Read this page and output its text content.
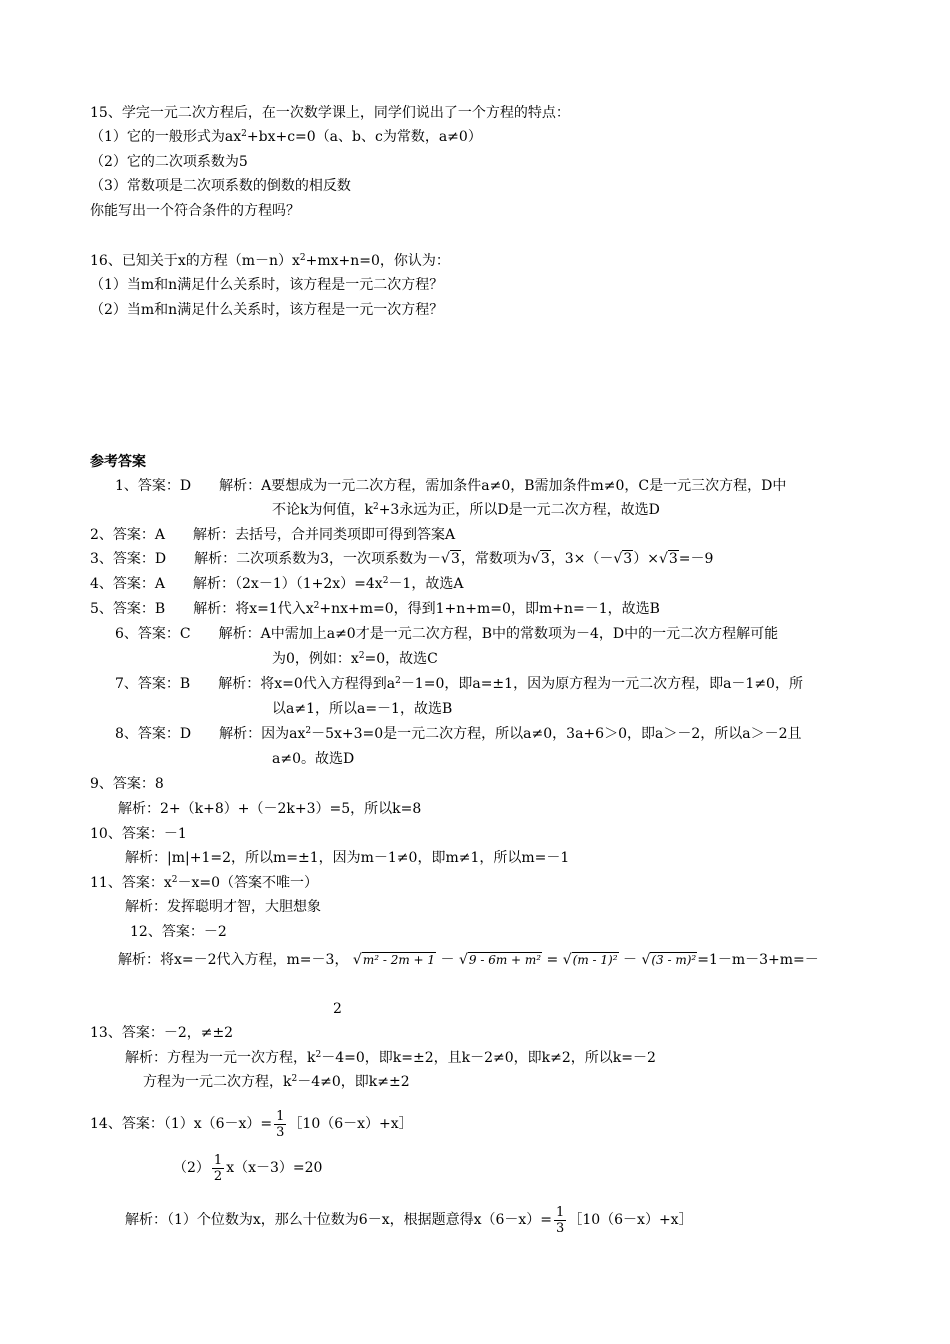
15、学完一元二次方程后，在一次数学课上，同学们说出了一个方程的特点：
（1）它的一般形式为$ax^2+bx+c=0(a$、b、c为常数，a≠0）
（2）它的二次项系数为5
（3）常数项是二次项系数的倒数的相反数
你能写出一个符合条件的方程吗？
16、已知关于x的方程$(m-n)x^2+mx+n=0$，你认为：
（1）当m和n满足什么关系时，该方程是一元二次方程？
（2）当m和n满足什么关系时，该方程是一元一次方程？
参考答案
1、答案：D　　解析：A要想成为一元二次方程，需加条件a≠0，B需加条件m≠0，C是一元三次方程，D中
不论k为何值，$k^2+3$永远为正，所以D是一元二次方程，故选D
2、答案：A　　解析：去括号，合并同类项即可得到答案A
3、答案：D　　解析：二次项系数为3，一次项系数为－√3，常数项为√3，3×（－√3）×√3=－9
4、答案：A　　解析：$(2x-1)(1+2x)=4x^2-1$，故选A
5、答案：B　　解析：将x=1代入$x^2+nx+m=0$，得到1+n+m=0，即m+n=－1，故选B
6、答案：C　　解析：A中需加上a≠0才是一元二次方程，B中的常数项为－4，D中的一元二次方程解可能
为0，例如：$x^2=0$，故选C
7、答案：B　　解析：将x=0代入方程得到$a^2-1=0$，即a=±1，因为原方程为一元二次方程，即a－1≠0，所
以a≠1，所以a=－1，故选B
8、答案：D　　解析：因为$ax^2-5x+3=0$是一元二次方程，所以a≠0，3a+6＞0，即a＞－2，所以a＞－2且
a≠0。故选D
9、答案：8
解析：2+（k+8）+（－2k+3）=5，所以k=8
10、答案：－1
解析：|m|+1=2，所以m=±1，因为m－1≠0，即m≠1，所以m=－1
11、答案：$x^2-x=0$（答案不唯一）
解析：发挥聪明才智，大胆想象
12、答案：－2
解析：将x=－2代入方程，m=－3， √m² - 2m + 1 － √9 - 6m + m² = √(m - 1)² － √(3 - m)²=1－m－3+m=－
2
13、答案：－2，≠±2
解析：方程为一元一次方程，$k^2-4=0$，即k=±2，且k－2≠0，即k≠2，所以k=－2
方程为一元二次方程，$k^2-4\ne 0$，即k≠±2
14、答案：$(1)x(6-x)= \frac{1}{3}$ ［10（6－x）+x］
$(2) \frac{1}{2} x(x-3)=20$
解析：（1）个位数为x，那么十位数为6－x，根据题意得$x(6-x)= \frac{1}{3}$ ［10（6－x）+x］
